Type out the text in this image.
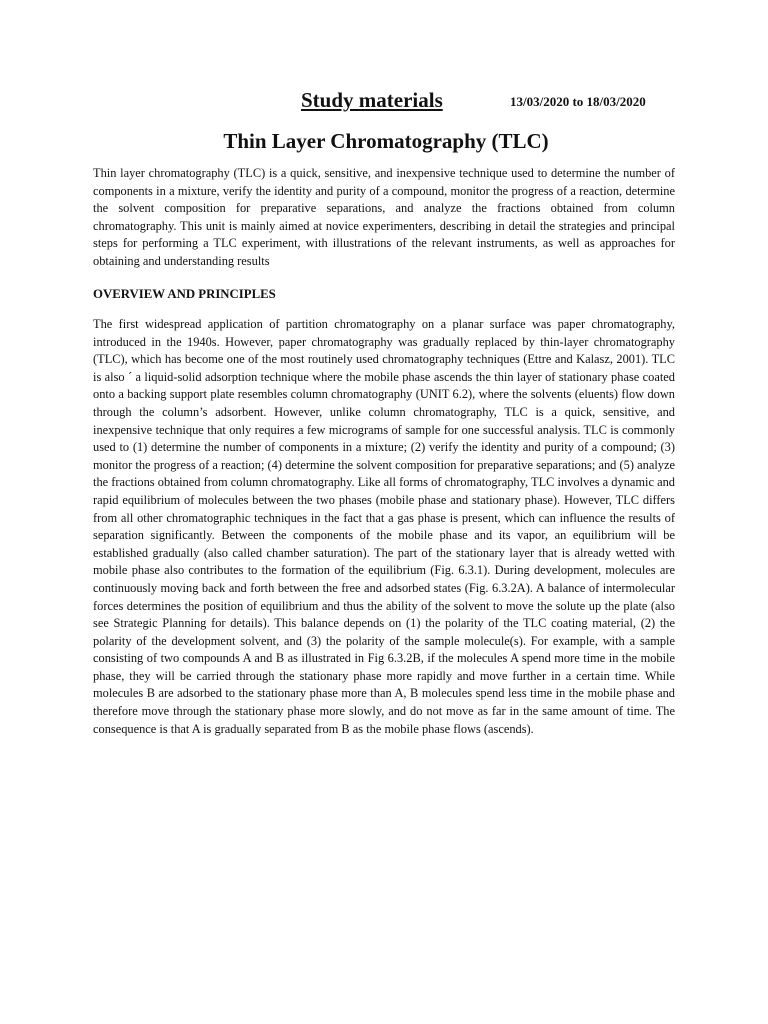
Study materials	13/03/2020 to 18/03/2020
Thin Layer Chromatography (TLC)

Thin layer chromatography (TLC) is a quick, sensitive, and inexpensive technique used to determine the number of components in a mixture, verify the identity and purity of a compound, monitor the progress of a reaction, determine the solvent composition for preparative separations, and analyze the fractions obtained from column chromatography. This unit is mainly aimed at novice experimenters, describing in detail the strategies and principal steps for performing a TLC experiment, with illustrations of the relevant instruments, as well as approaches for obtaining and understanding results

OVERVIEW AND PRINCIPLES

The first widespread application of partition chromatography on a planar surface was paper chromatography, introduced in the 1940s. However, paper chromatography was gradually replaced by thin-layer chromatography (TLC), which has become one of the most routinely used chromatography techniques (Ettre and Kalasz, 2001). TLC is also ´ a liquid-solid adsorption technique where the mobile phase ascends the thin layer of stationary phase coated onto a backing support plate resembles column chromatography (UNIT 6.2), where the solvents (eluents) flow down through the column’s adsorbent. However, unlike column chromatography, TLC is a quick, sensitive, and inexpensive technique that only requires a few micrograms of sample for one successful analysis. TLC is commonly used to (1) determine the number of components in a mixture; (2) verify the identity and purity of a compound; (3) monitor the progress of a reaction; (4) determine the solvent composition for preparative separations; and (5) analyze the fractions obtained from column chromatography. Like all forms of chromatography, TLC involves a dynamic and rapid equilibrium of molecules between the two phases (mobile phase and stationary phase). However, TLC differs from all other chromatographic techniques in the fact that a gas phase is present, which can influence the results of separation significantly. Between the components of the mobile phase and its vapor, an equilibrium will be established gradually (also called chamber saturation). The part of the stationary layer that is already wetted with mobile phase also contributes to the formation of the equilibrium (Fig. 6.3.1). During development, molecules are continuously moving back and forth between the free and adsorbed states (Fig. 6.3.2A). A balance of intermolecular forces determines the position of equilibrium and thus the ability of the solvent to move the solute up the plate (also see Strategic Planning for details). This balance depends on (1) the polarity of the TLC coating material, (2) the polarity of the development solvent, and (3) the polarity of the sample molecule(s). For example, with a sample consisting of two compounds A and B as illustrated in Fig 6.3.2B, if the molecules A spend more time in the mobile phase, they will be carried through the stationary phase more rapidly and move further in a certain time. While molecules B are adsorbed to the stationary phase more than A, B molecules spend less time in the mobile phase and therefore move through the stationary phase more slowly, and do not move as far in the same amount of time. The consequence is that A is gradually separated from B as the mobile phase flows (ascends).
